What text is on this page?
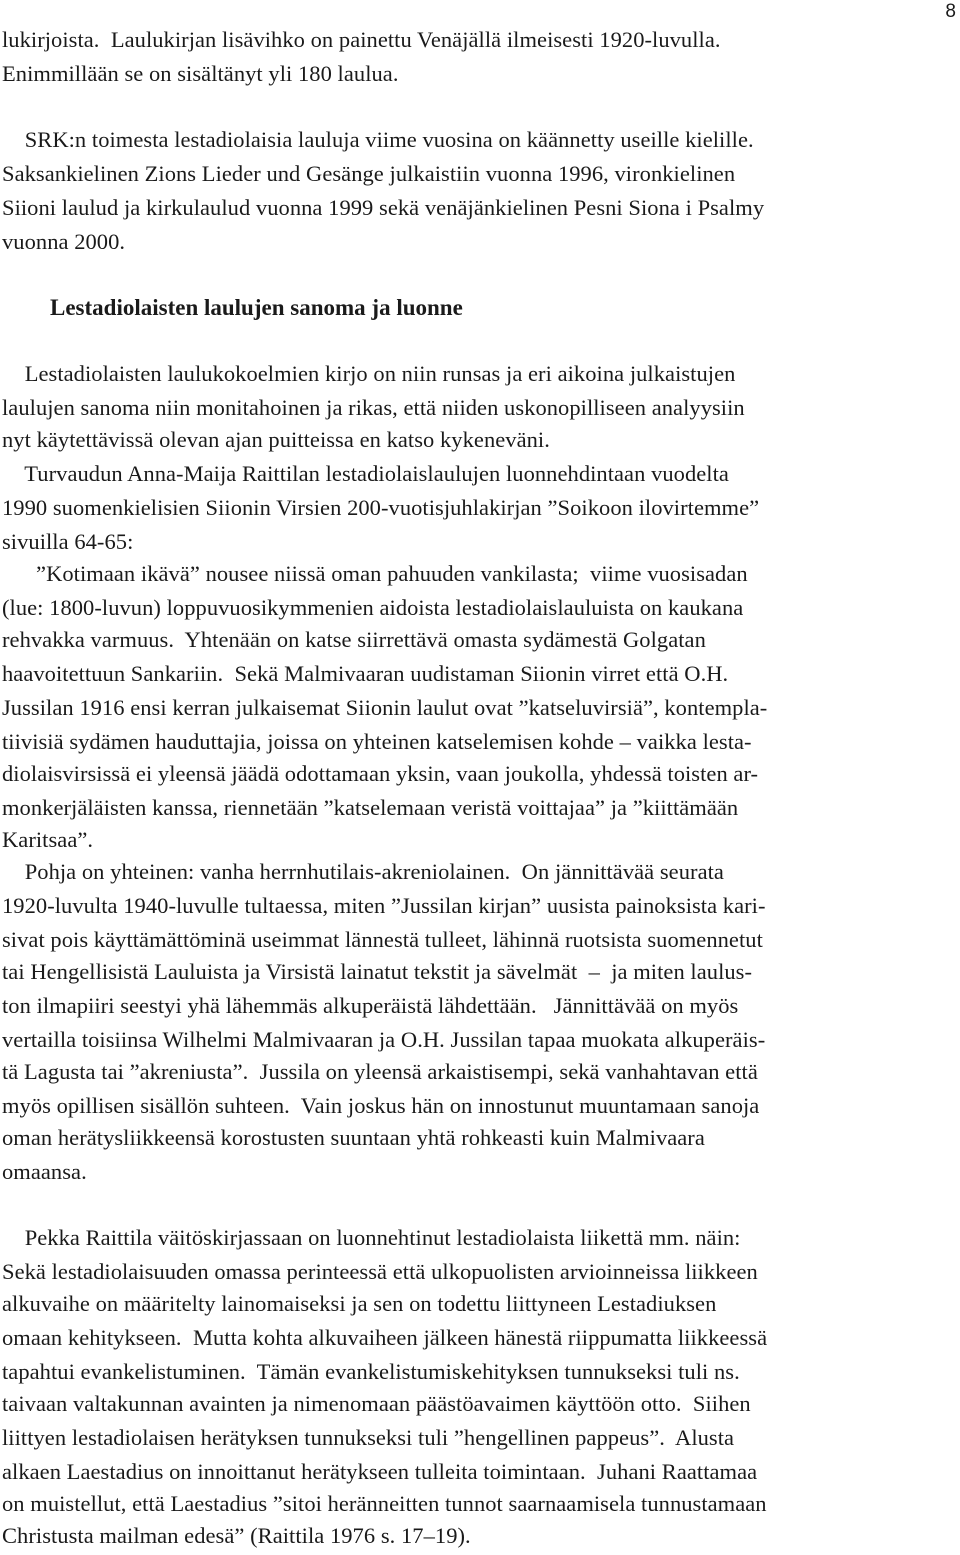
8
lukirjoista.  Laulukirjan lisävihko on painettu Venäjällä ilmeisesti 1920-luvulla.
Enimmillään se on sisältänyt yli 180 laulua.
SRK:n toimesta lestadiolaisia lauluja viime vuosina on käännetty useille kielille.
Saksankielinen Zions Lieder und Gesänge julkaistiin vuonna 1996, vironkielinen
Siioni laulud ja kirkulaulud vuonna 1999 sekä venäjänkielinen Pesni Siona i Psalmy
vuonna 2000.
Lestadiolaisten laulujen sanoma ja luonne
Lestadiolaisten laulukokoelmien kirjo on niin runsas ja eri aikoina julkaistujen
laulujen sanoma niin monitahoinen ja rikas, että niiden uskonopilliseen analyysiin
nyt käytettävissä olevan ajan puitteissa en katso kykeneväni.
Turvaudun Anna-Maija Raittilan lestadiolaislaulujen luonnehdintaan vuodelta
1990 suomenkielisien Siionin Virsien 200-vuotisjuhlakirjan ”Soikoon ilovirtemme”
sivuilla 64-65:
”Kotimaan ikävä” nousee niissä oman pahuuden vankilasta;  viime vuosisadan
(lue: 1800-luvun) loppuvuosikymmenien aidoista lestadiolaislauluista on kaukana
rehvakka varmuus.  Yhtenään on katse siirrettävä omasta sydämestä Golgatan
haavoitettuun Sankariin.  Sekä Malmivaaran uudistaman Siionin virret että O.H.
Jussilan 1916 ensi kerran julkaisemat Siionin laulut ovat ”katseluvirsiä”, kontempla-
tiivisiä sydämen hauduttajia, joissa on yhteinen katselemisen kohde – vaikka lesta-
diolaisvirsissä ei yleensä jäädä odottamaan yksin, vaan joukolla, yhdessä toisten ar-
monkerjäläisten kanssa, riennetään ”katselemaan veristä voittajaa” ja ”kiittämään
Karitsaa”.
Pohja on yhteinen: vanha herrnhutilais-akreniolainen.  On jännittävää seurata
1920-luvulta 1940-luvulle tultaessa, miten ”Jussilan kirjan” uusista painoksista kari-
sivat pois käyttämättöminä useimmat lännestä tulleet, lähinnä ruotsista suomennetut
tai Hengellisistä Lauluista ja Virsistä lainatut tekstit ja sävelmät  –  ja miten laulus-
ton ilmapiiri seestyi yhä lähemmäs alkuperäistä lähdettään.   Jännittävää on myös
vertailla toisiinsa Wilhelmi Malmivaaran ja O.H. Jussilan tapaa muokata alkuperäis-
tä Lagusta tai ”akreniusta”.  Jussila on yleensä arkaistisempi, sekä vanhahtavan että
myös opillisen sisällön suhteen.  Vain joskus hän on innostunut muuntamaan sanoja
oman herätysliikkeensä korostusten suuntaan yhtä rohkeasti kuin Malmivaara
omaansa.
Pekka Raittila väitöskirjassaan on luonnehtinut lestadiolaista liikettä mm. näin:
Sekä lestadiolaisuuden omassa perinteessä että ulkopuolisten arvioinneissa liikkeen
alkuvaihe on määritelty lainomaiseksi ja sen on todettu liittyneen Lestadiuksen
omaan kehitykseen.  Mutta kohta alkuvaiheen jälkeen hänestä riippumatta liikkeessä
tapahtui evankelistuminen.  Tämän evankelistumiskehityksen tunnukseksi tuli ns.
taivaan valtakunnan avainten ja nimenomaan päästöavaimen käyttöön otto.  Siihen
liittyen lestadiolaisen herätyksen tunnukseksi tuli ”hengellinen pappeus”.  Alusta
alkaen Laestadius on innoittanut herätykseen tulleita toimintaan.  Juhani Raattamaa
on muistellut, että Laestadius ”sitoi heränneitten tunnot saarnaamisela tunnustamaan
Christusta mailman edesä” (Raittila 1976 s. 17–19).
